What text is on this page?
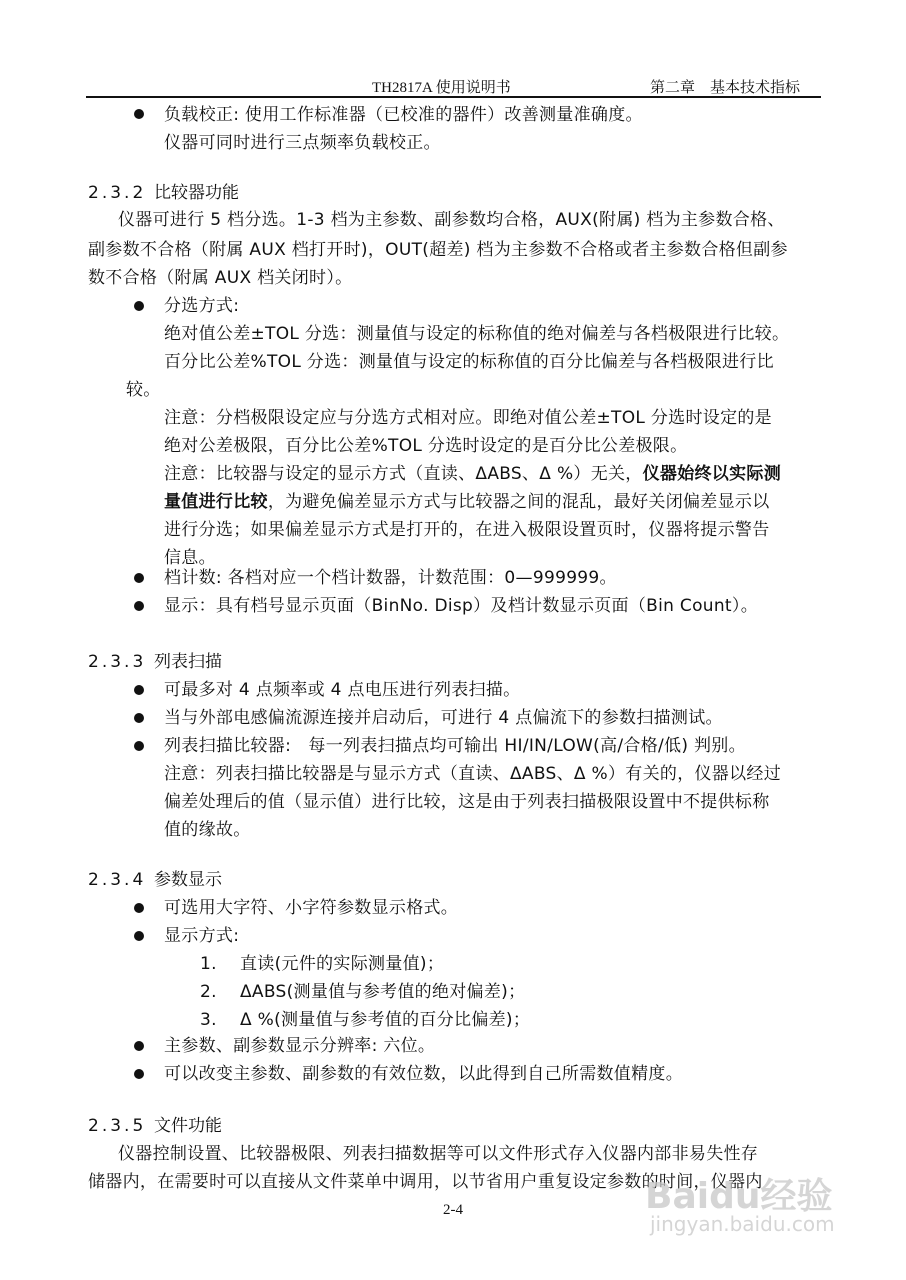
TH2817A 使用说明书	第二章　基本技术指标
负载校正: 使用工作标准器（已校准的器件）改善测量准确度。
仪器可同时进行三点频率负载校正。
2.3.2 比较器功能
仪器可进行 5 档分选。1-3 档为主参数、副参数均合格，AUX(附属) 档为主参数合格、
副参数不合格（附属 AUX 档打开时)，OUT(超差) 档为主参数不合格或者主参数合格但副参
数不合格（附属 AUX 档关闭时）。
分选方式:
绝对值公差±TOL 分选：测量值与设定的标称值的绝对偏差与各档极限进行比较。
百分比公差%TOL 分选：测量值与设定的标称值的百分比偏差与各档极限进行比
较。
注意：分档极限设定应与分选方式相对应。即绝对值公差±TOL 分选时设定的是
绝对公差极限，百分比公差%TOL 分选时设定的是百分比公差极限。
注意：比较器与设定的显示方式（直读、ΔABS、Δ %）无关，仪器始终以实际测
量值进行比较，为避免偏差显示方式与比较器之间的混乱，最好关闭偏差显示以
进行分选；如果偏差显示方式是打开的，在进入极限设置页时，仪器将提示警告
信息。
档计数: 各档对应一个档计数器，计数范围：0—999999。
显示：具有档号显示页面（BinNo. Disp）及档计数显示页面（Bin Count）。
2.3.3 列表扫描
可最多对 4 点频率或 4 点电压进行列表扫描。
当与外部电感偏流源连接并启动后，可进行 4 点偏流下的参数扫描测试。
列表扫描比较器:　每一列表扫描点均可输出 HI/IN/LOW(高/合格/低) 判别。
注意：列表扫描比较器是与显示方式（直读、ΔABS、Δ %）有关的，仪器以经过
偏差处理后的值（显示值）进行比较，这是由于列表扫描极限设置中不提供标称
值的缘故。
2.3.4 参数显示
可选用大字符、小字符参数显示格式。
显示方式:
1. 直读(元件的实际测量值)；
2. ΔABS(测量值与参考值的绝对偏差)；
3. Δ %(测量值与参考值的百分比偏差)；
主参数、副参数显示分辨率: 六位。
可以改变主参数、副参数的有效位数，以此得到自己所需数值精度。
2.3.5 文件功能
仪器控制设置、比较器极限、列表扫描数据等可以文件形式存入仪器内部非易失性存
储器内，在需要时可以直接从文件菜单中调用，以节省用户重复设定参数的时间，仪器内
2-4	Baidu经验
jingyan.baidu.com
